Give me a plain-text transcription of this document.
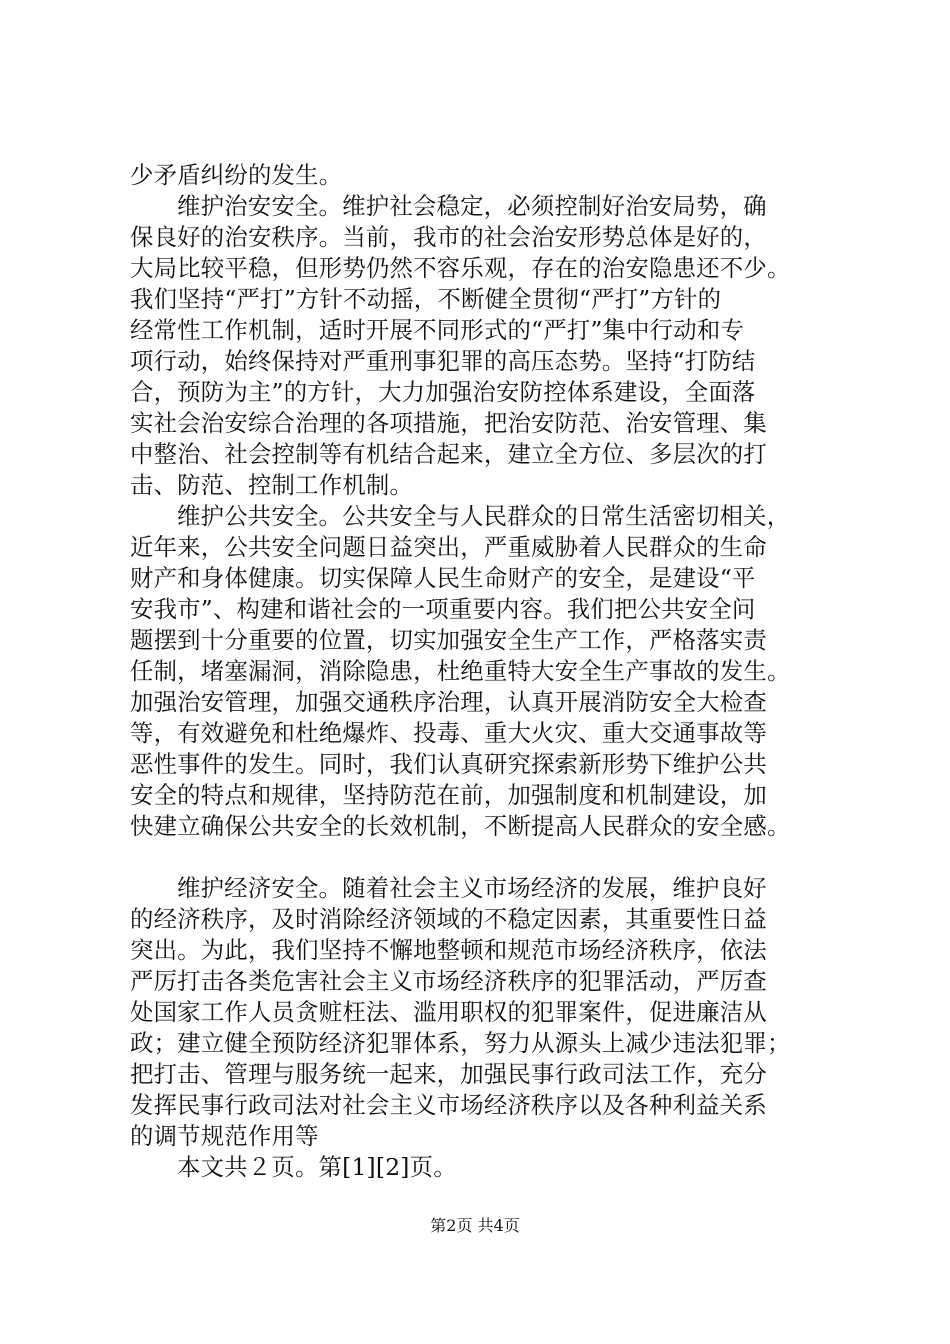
少矛盾纠纷的发生。
维护治安安全。维护社会稳定，必须控制好治安局势，确
保良好的治安秩序。当前，我市的社会治安形势总体是好的，
大局比较平稳，但形势仍然不容乐观，存在的治安隐患还不少。
我们坚持“严打”方针不动摇，不断健全贯彻“严打”方针的
经常性工作机制，适时开展不同形式的“严打”集中行动和专
项行动，始终保持对严重刑事犯罪的高压态势。坚持“打防结
合，预防为主”的方针，大力加强治安防控体系建设，全面落
实社会治安综合治理的各项措施，把治安防范、治安管理、集
中整治、社会控制等有机结合起来，建立全方位、多层次的打
击、防范、控制工作机制。
维护公共安全。公共安全与人民群众的日常生活密切相关，
近年来，公共安全问题日益突出，严重威胁着人民群众的生命
财产和身体健康。切实保障人民生命财产的安全，是建设“平
安我市”、构建和谐社会的一项重要内容。我们把公共安全问
题摆到十分重要的位置，切实加强安全生产工作，严格落实责
任制，堵塞漏洞，消除隐患，杜绝重特大安全生产事故的发生。
加强治安管理，加强交通秩序治理，认真开展消防安全大检查
等，有效避免和杜绝爆炸、投毒、重大火灾、重大交通事故等
恶性事件的发生。同时，我们认真研究探索新形势下维护公共
安全的特点和规律，坚持防范在前，加强制度和机制建设，加
快建立确保公共安全的长效机制，不断提高人民群众的安全感。
维护经济安全。随着社会主义市场经济的发展，维护良好
的经济秩序，及时消除经济领域的不稳定因素，其重要性日益
突出。为此，我们坚持不懈地整顿和规范市场经济秩序，依法
严厉打击各类危害社会主义市场经济秩序的犯罪活动，严厉查
处国家工作人员贪赃枉法、滥用职权的犯罪案件，促进廉洁从
政；建立健全预防经济犯罪体系，努力从源头上减少违法犯罪；
把打击、管理与服务统一起来，加强民事行政司法工作，充分
发挥民事行政司法对社会主义市场经济秩序以及各种利益关系
的调节规范作用等
本文共２页。第[1][2]页。
第2页 共4页
